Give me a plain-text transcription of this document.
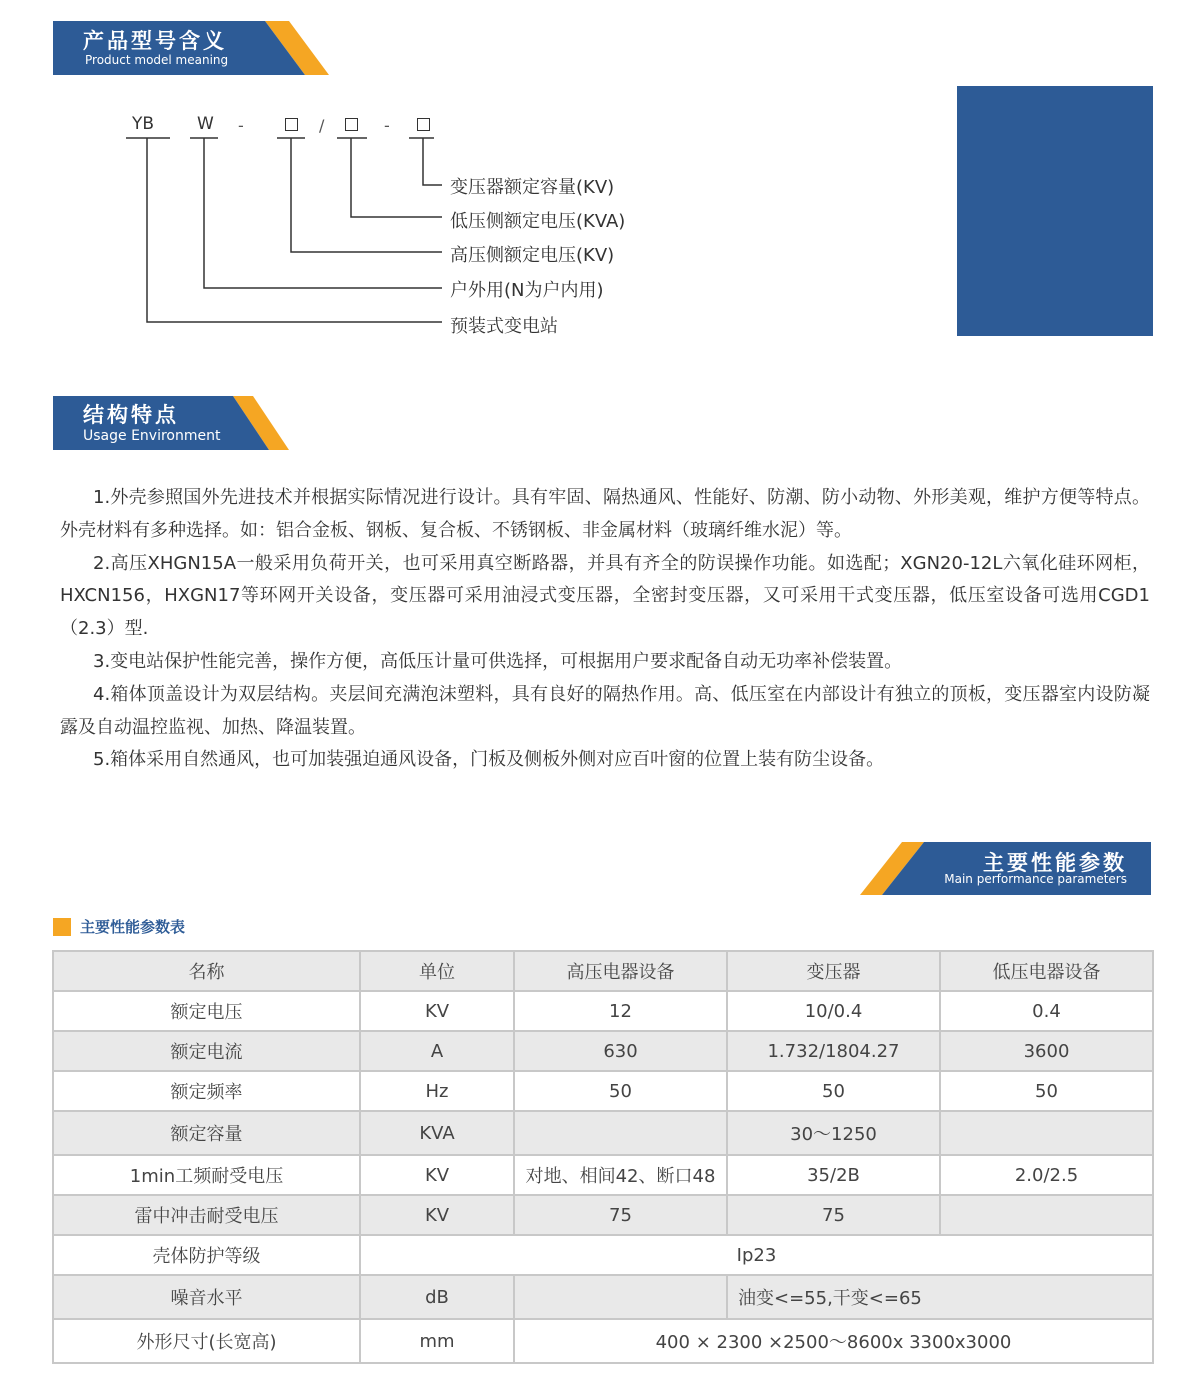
产品型号含义
Product model meaning
YB	W -	/	-
变压器额定容量(KV)
低压侧额定电压(KVA)
高压侧额定电压(KV)
户外用(N为户内用)
预装式变电站
结构特点
Usage Environment

1.外壳参照国外先进技术并根据实际情况进行设计。具有牢固、隔热通风、性能好、防潮、防小动物、外形美观，维护方便等特点。外壳材料有多种选择。如：铝合金板、钢板、复合板、不锈钢板、非金属材料（玻璃纤维水泥）等。

2.高压XHGN15A一般采用负荷开关，也可采用真空断路器，并具有齐全的防误操作功能。如选配；XGN20-12L六氧化硅环网柜，HXCN156，HXGN17等环网开关设备，变压器可采用油浸式变压器，全密封变压器，又可采用干式变压器，低压室设备可选用CGD1（2.3）型.

3.变电站保护性能完善，操作方便，高低压计量可供选择，可根据用户要求配备自动无功率补偿装置。

4.箱体顶盖设计为双层结构。夹层间充满泡沫塑料，具有良好的隔热作用。高、低压室在内部设计有独立的顶板，变压器室内设防凝露及自动温控监视、加热、降温装置。

5.箱体采用自然通风，也可加装强迫通风设备，门板及侧板外侧对应百叶窗的位置上装有防尘设备。

主要性能参数
Main performance parameters
主要性能参数表
名称	单位	高压电器设备	变压器	低压电器设备
额定电压	KV	12	10/0.4	0.4
额定电流	A	630	1.732/1804.27	3600
额定频率	Hz	50	50	50
额定容量	KVA		30～1250	
1min工频耐受电压	KV	对地、相间42、断口48	35/2B	2.0/2.5
雷中冲击耐受电压	KV	75	75	
壳体防护等级	Ip23			
噪音水平	dB		油变<=55,干变<=65	
外形尺寸(长宽高)	mm	400 × 2300 ×2500～8600x 3300x3000		
